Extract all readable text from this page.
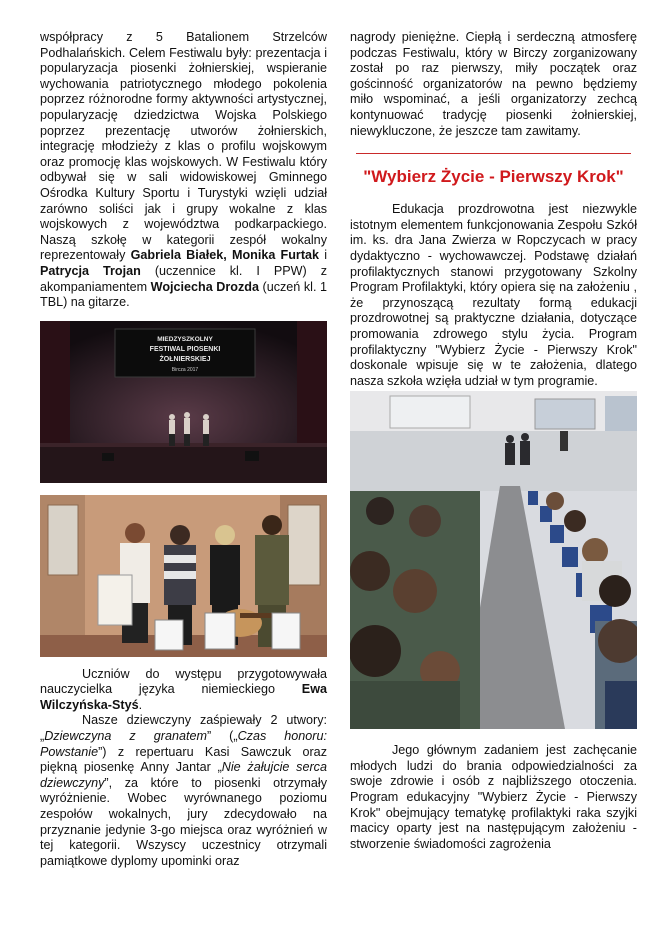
współpracy z 5 Batalionem Strzelców Podhalańskich. Celem Festiwalu były: prezentacja i popularyzacja piosenki żołnierskiej, wspieranie wychowania patriotycznego młodego pokolenia poprzez różnorodne formy aktywności artystycznej, popularyzację dziedzictwa Wojska Polskiego poprzez prezentację utworów żołnierskich, integrację młodzieży z klas o profilu wojskowym oraz promocję klas wojskowych. W Festiwalu który odbywał się w sali widowiskowej Gminnego Ośrodka Kultury Sportu i Turystyki wzięli udział zarówno soliści jak i grupy wokalne z klas wojskowych z województwa podkarpackiego. Naszą szkołę w kategorii zespół wokalny reprezentowały Gabriela Białek, Monika Furtak i Patrycja Trojan (uczennice kl. I PPW) z akompaniamentem Wojciecha Drozda (uczeń kl. 1 TBL) na gitarze.

MIEDZYSZKOLNY
FESTIWAL PIOSENKI
ŻOŁNIERSKIEJ
Bircza 2017

Uczniów do występu przygotowywała nauczycielka języka niemieckiego Ewa Wilczyńska-Styś.

Nasze dziewczyny zaśpiewały 2 utwory: „Dziewczyna z granatem” („Czas honoru: Powstanie”) z repertuaru Kasi Sawczuk oraz piękną piosenkę Anny Jantar „Nie żałujcie serca dziewczyny”, za które to piosenki otrzymały wyróżnienie. Wobec wyrównanego poziomu zespołów wokalnych, jury zdecydowało na przyznanie jedynie 3-go miejsca oraz wyróżnień w tej kategorii. Wszyscy uczestnicy otrzymali pamiątkowe dyplomy upominki oraz

nagrody pieniężne. Ciepłą i serdeczną atmosferę podczas Festiwalu, który w Birczy zorganizowany został po raz pierwszy, miły początek oraz gościnność organizatorów na pewno będziemy miło wspominać, a jeśli organizatorzy zechcą kontynuować tradycję piosenki żołnierskiej, niewykluczone, że jeszcze tam zawitamy.

"Wybierz Życie - Pierwszy Krok"

Edukacja prozdrowotna jest niezwykle istotnym elementem funkcjonowania Zespołu Szkół im. ks. dra Jana Zwierza w Ropczycach w pracy dydaktyczno - wychowawczej. Podstawę działań profilaktycznych stanowi przygotowany Szkolny Program Profilaktyki, który opiera się na założeniu , że przynoszącą rezultaty formą edukacji prozdrowotnej są praktyczne działania, dotyczące promowania zdrowego stylu życia. Program profilaktyczny "Wybierz Życie - Pierwszy Krok" doskonale wpisuje się w te założenia, dlatego nasza szkoła wzięła udział w tym programie.

Jego głównym zadaniem jest zachęcanie młodych ludzi do brania odpowiedzialności za swoje zdrowie i osób z najbliższego otoczenia. Program edukacyjny "Wybierz Życie - Pierwszy Krok" obejmujący tematykę profilaktyki raka szyjki macicy oparty jest na następującym założeniu - stworzenie świadomości zagrożenia
